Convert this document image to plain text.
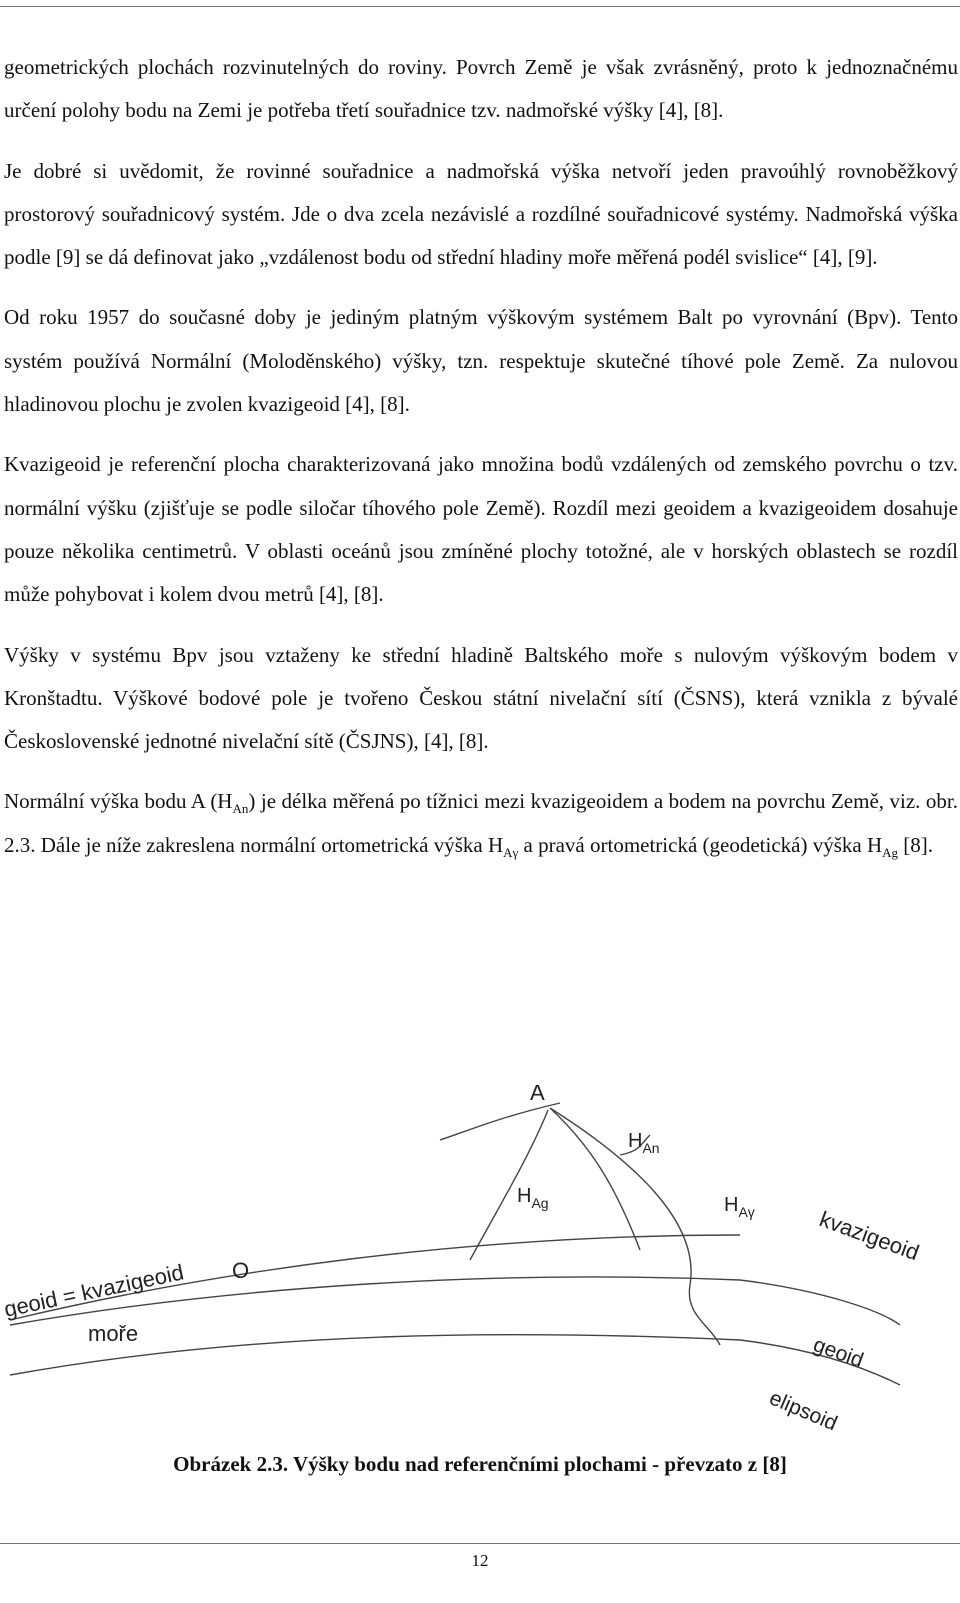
geometrických plochách rozvinutelných do roviny. Povrch Země je však zvrásněný, proto k jednoznačnému určení polohy bodu na Zemi je potřeba třetí souřadnice tzv. nadmořské výšky [4], [8].

Je dobré si uvědomit, že rovinné souřadnice a nadmořská výška netvoří jeden pravoúhlý rovnoběžkový prostorový souřadnicový systém. Jde o dva zcela nezávislé a rozdílné souřadnicové systémy. Nadmořská výška podle [9] se dá definovat jako „vzdálenost bodu od střední hladiny moře měřená podél svislice“ [4], [9].

Od roku 1957 do současné doby je jediným platným výškovým systémem Balt po vyrovnání (Bpv). Tento systém používá Normální (Moloděnského) výšky, tzn. respektuje skutečné tíhové pole Země. Za nulovou hladinovou plochu je zvolen kvazigeoid [4], [8].

Kvazigeoid je referenční plocha charakterizovaná jako množina bodů vzdálených od zemského povrchu o tzv. normální výšku (zjišťuje se podle siločar tíhového pole Země). Rozdíl mezi geoidem a kvazigeoidem dosahuje pouze několika centimetrů. V oblasti oceánů jsou zmíněné plochy totožné, ale v horských oblastech se rozdíl může pohybovat i kolem dvou metrů [4], [8].

Výšky v systému Bpv jsou vztaženy ke střední hladině Baltského moře s nulovým výškovým bodem v Kronštadtu. Výškové bodové pole je tvořeno Českou státní nivelační sítí (ČSNS), která vznikla z bývalé Československé jednotné nivelační sítě (ČSJNS), [4], [8].

Normální výška bodu A $(H_{An})$ je délka měřená po tížnici mezi kvazigeoidem a bodem na povrchu Země, viz. obr. 2.3. Dále je níže zakreslena normální ortometrická výška $H_{A\gamma}$ a pravá ortometrická (geodetická) výška $H_{Ag}$ [8].

A
$H_{An}$
$H_{Ag}$	$H_{A\gamma}$	kvazigeoid
geoid = kvazigeoid O
moře	geoid
elipsoid

Obrázek 2.3. Výšky bodu nad referenčními plochami - převzato z [8]

12
